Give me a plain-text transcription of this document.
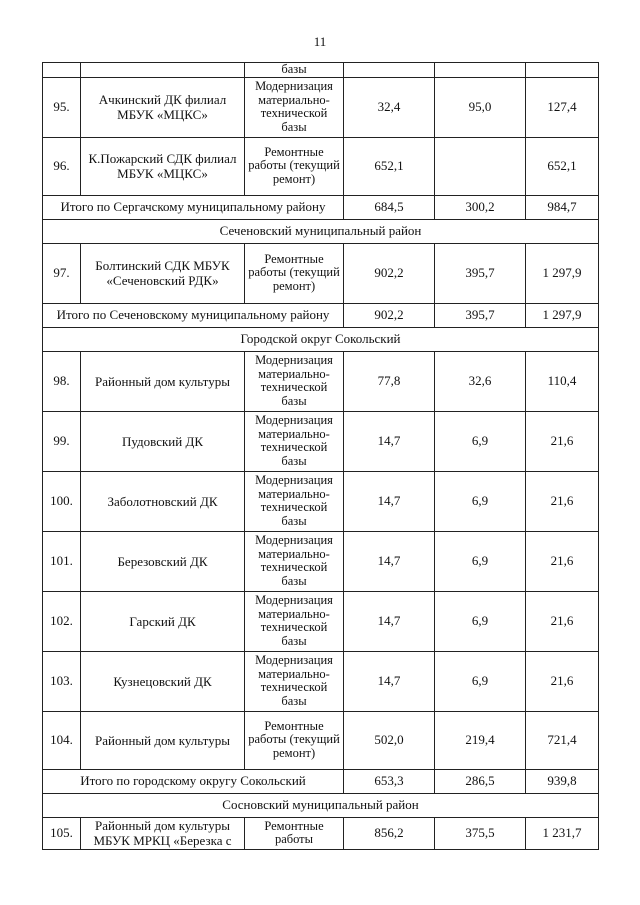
11
		базы			
95.	Ачкинский ДК филиал МБУК «МЦКС»	Модернизация материально-технической базы	32,4	95,0	127,4
96.	К.Пожарский СДК филиал МБУК «МЦКС»	Ремонтные работы (текущий ремонт)	652,1		652,1
Итого по Сергачскому муниципальному району			684,5	300,2	984,7
Сеченовский муниципальный район					
97.	Болтинский СДК МБУК «Сеченовский РДК»	Ремонтные работы (текущий ремонт)	902,2	395,7	1 297,9
Итого по Сеченовскому муниципальному району			902,2	395,7	1 297,9
Городской округ Сокольский					
98.	Районный дом культуры	Модернизация материально-технической базы	77,8	32,6	110,4
99.	Пудовский ДК	Модернизация материально-технической базы	14,7	6,9	21,6
100.	Заболотновский ДК	Модернизация материально-технической базы	14,7	6,9	21,6
101.	Березовский ДК	Модернизация материально-технической базы	14,7	6,9	21,6
102.	Гарский ДК	Модернизация материально-технической базы	14,7	6,9	21,6
103.	Кузнецовский ДК	Модернизация материально-технической базы	14,7	6,9	21,6
104.	Районный дом культуры	Ремонтные работы (текущий ремонт)	502,0	219,4	721,4
Итого по городскому округу Сокольский			653,3	286,5	939,8
Сосновский муниципальный район					
105.	Районный дом культуры МБУК МРКЦ «Березка с	Ремонтные работы	856,2	375,5	1 231,7
